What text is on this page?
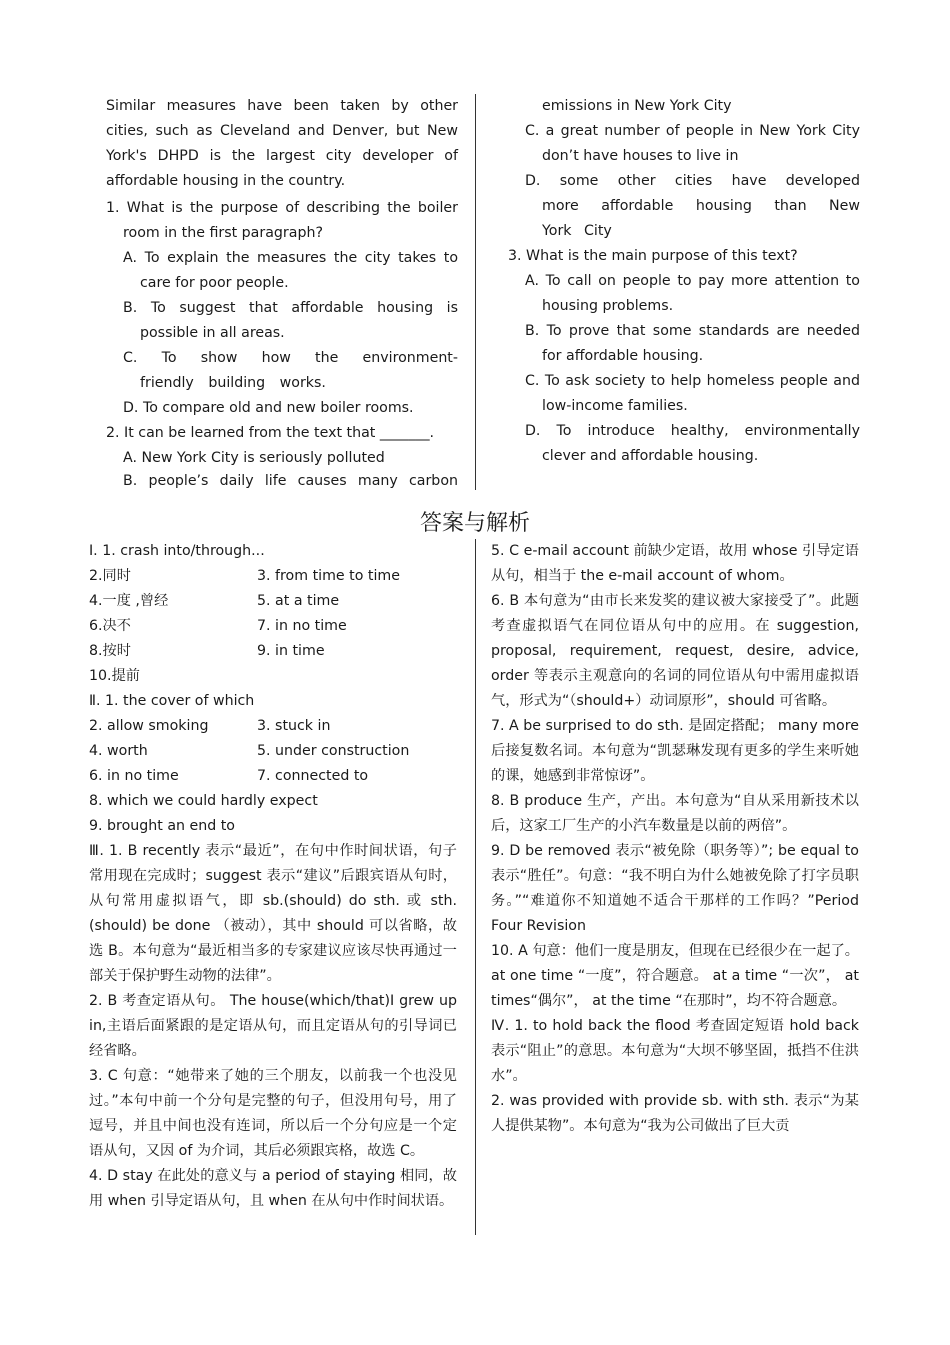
Similar measures have been taken by other cities, such as Cleveland and Denver, but New York's DHPD is the largest city developer of affordable housing in the country.

1. What is the purpose of describing the boiler room in the first paragraph?

A. To explain the measures the city takes to care for poor people.

B. To suggest that affordable housing is possible in all areas.

C. To show how the environment-friendly building works.

D. To compare old and new boiler rooms.

2. It can be learned from the text that _______.

A. New York City is seriously polluted

B. people’s daily life causes many carbon

emissions in New York City

C. a great number of people in New York City don’t have houses to live in

D. some other cities have developed more affordable housing than New York City

3. What is the main purpose of this text?

A. To call on people to pay more attention to housing problems.

B. To prove that some standards are needed for affordable housing.

C. To ask society to help homeless people and low-income families.

D. To introduce healthy, environmentally clever and affordable housing.

答案与解析

Ⅰ. 1. crash into/through...

2.同时	3. from time to time
4.一度 ,曾经	5. at a time
6.决不	7. in no time
8.按时	9. in time

10.提前

Ⅱ. 1. the cover of which

2. allow smoking	3. stuck in
4. worth	5. under construction
6. in no time	7. connected to

8. which we could hardly expect

9. brought an end to

Ⅲ. 1. B recently 表示“最近”，在句中作时间状语，句子常用现在完成时；suggest 表示“建议”后跟宾语从句时，从句常用虚拟语气，即 sb.(should) do sth. 或 sth. (should) be done （被动），其中 should 可以省略，故选 B。本句意为“最近相当多的专家建议应该尽快再通过一部关于保护野生动物的法律”。

2. B 考查定语从句。 The house(which/that)I grew up in,主语后面紧跟的是定语从句，而且定语从句的引导词已经省略。

3. C 句意：“她带来了她的三个朋友，以前我一个也没见过。”本句中前一个分句是完整的句子，但没用句号，用了逗号，并且中间也没有连词，所以后一个分句应是一个定语从句，又因 of 为介词，其后必须跟宾格，故选 C。

4. D stay 在此处的意义与 a period of staying 相同，故用 when 引导定语从句，且 when 在从句中作时间状语。

5. C e-mail account 前缺少定语，故用 whose 引导定语从句，相当于 the e-mail account of whom。

6. B 本句意为“由市长来发奖的建议被大家接受了”。此题考查虚拟语气在同位语从句中的应用。在 suggestion, proposal, requirement, request, desire, advice, order 等表示主观意向的名词的同位语从句中需用虚拟语气，形式为“（should+）动词原形”，should 可省略。

7. A be surprised to do sth. 是固定搭配； many more 后接复数名词。本句意为“凯瑟琳发现有更多的学生来听她的课，她感到非常惊讶”。

8. B produce 生产，产出。本句意为“自从采用新技术以后，这家工厂生产的小汽车数量是以前的两倍”。

9. D be removed 表示“被免除（职务等）”; be equal to 表示“胜任”。句意：“我不明白为什么她被免除了打字员职务。”“难道你不知道她不适合干那样的工作吗？”Period Four Revision

10. A 句意：他们一度是朋友，但现在已经很少在一起了。 at one time “一度”，符合题意。 at a time “一次”， at times“偶尔”， at the time “在那时”，均不符合题意。

Ⅳ. 1. to hold back the flood 考查固定短语 hold back 表示“阻止”的意思。本句意为“大坝不够坚固，抵挡不住洪水”。

2. was provided with provide sb. with sth. 表示“为某人提供某物”。本句意为“我为公司做出了巨大贡
